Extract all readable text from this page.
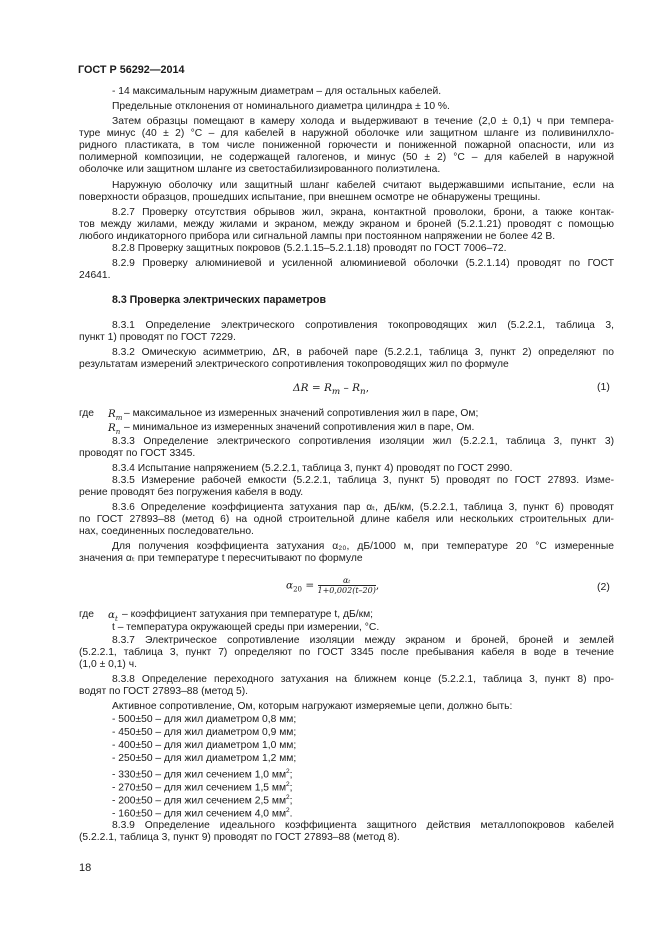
ГОСТ Р 56292—2014
- 14 максимальным наружным диаметрам – для остальных кабелей.
Предельные отклонения от номинального диаметра цилиндра ± 10 %.
Затем образцы помещают в камеру холода и выдерживают в течение (2,0 ± 0,1) ч при темпера-
туре минус (40 ± 2) °С – для кабелей в наружной оболочке или защитном шланге из поливинилхло-
ридного пластиката, в том числе пониженной горючести и пониженной пожарной опасности, или из
полимерной композиции, не содержащей галогенов, и минус (50 ± 2) °С – для кабелей в наружной
оболочке или защитном шланге из светостабилизированного полиэтилена.
Наружную оболочку или защитный шланг кабелей считают выдержавшими испытание, если на
поверхности образцов, прошедших испытание, при внешнем осмотре не обнаружены трещины.
8.2.7 Проверку отсутствия обрывов жил, экрана, контактной проволоки, брони, а также контак-
тов между жилами, между жилами и экраном, между экраном и броней (5.2.1.21) проводят с помощью
любого индикаторного прибора или сигнальной лампы при постоянном напряжении не более 42 В.
8.2.8 Проверку защитных покровов (5.2.1.15–5.2.1.18) проводят по ГОСТ 7006–72.
8.2.9 Проверку алюминиевой и усиленной алюминиевой оболочки (5.2.1.14) проводят по ГОСТ
24641.
8.3 Проверка электрических параметров
8.3.1 Определение электрического сопротивления токопроводящих жил (5.2.2.1, таблица 3,
пункт 1) проводят по ГОСТ 7229.
8.3.2 Омическую асимметрию, ΔR, в рабочей паре (5.2.2.1, таблица 3, пункт 2) определяют по
результатам измерений электрического сопротивления токопроводящих жил по формуле
$\Delta R = R_m - R_n$,	(1)
где $R_m$ – максимальное из измеренных значений сопротивления жил в паре, Ом;
$R_n$ – минимальное из измеренных значений сопротивления жил в паре, Ом.
8.3.3 Определение электрического сопротивления изоляции жил (5.2.2.1, таблица 3, пункт 3)
проводят по ГОСТ 3345.
8.3.4 Испытание напряжением (5.2.2.1, таблица 3, пункт 4) проводят по ГОСТ 2990.
8.3.5 Измерение рабочей емкости (5.2.2.1, таблица 3, пункт 5) проводят по ГОСТ 27893. Изме-
рение проводят без погружения кабеля в воду.
8.3.6 Определение коэффициента затухания пар αₜ, дБ/км, (5.2.2.1, таблица 3, пункт 6) проводят
по ГОСТ 27893–88 (метод 6) на одной строительной длине кабеля или нескольких строительных дли-
нах, соединенных последовательно.
Для получения коэффициента затухания α₂₀, дБ/1000 м, при температуре 20 °С измеренные
значения αₜ при температуре t пересчитывают по формуле
$\alpha_{20} = \frac{\text{αₜ}}{1+0,002(t-20)}$ ,	(2)
где $\alpha_t$ – коэффициент затухания при температуре t, дБ/км;
t – температура окружающей среды при измерении, °С.
8.3.7 Электрическое сопротивление изоляции между экраном и броней, броней и землей
(5.2.2.1, таблица 3, пункт 7) определяют по ГОСТ 3345 после пребывания кабеля в воде в течение
(1,0 ± 0,1) ч.
8.3.8 Определение переходного затухания на ближнем конце (5.2.2.1, таблица 3, пункт 8) про-
водят по ГОСТ 27893–88 (метод 5).
Активное сопротивление, Ом, которым нагружают измеряемые цепи, должно быть:
- 500±50 – для жил диаметром 0,8 мм;
- 450±50 – для жил диаметром 0,9 мм;
- 400±50 – для жил диаметром 1,0 мм;
- 250±50 – для жил диаметром 1,2 мм;
- 330±50 – для жил сечением 1,0 $мм^2$;
- 270±50 – для жил сечением 1,5 $мм^2$;
- 200±50 – для жил сечением 2,5 $мм^2$;
- 160±50 – для жил сечением 4,0 $мм^2$.
8.3.9 Определение идеального коэффициента защитного действия металлопокровов кабелей
(5.2.2.1, таблица 3, пункт 9) проводят по ГОСТ 27893–88 (метод 8).
18
